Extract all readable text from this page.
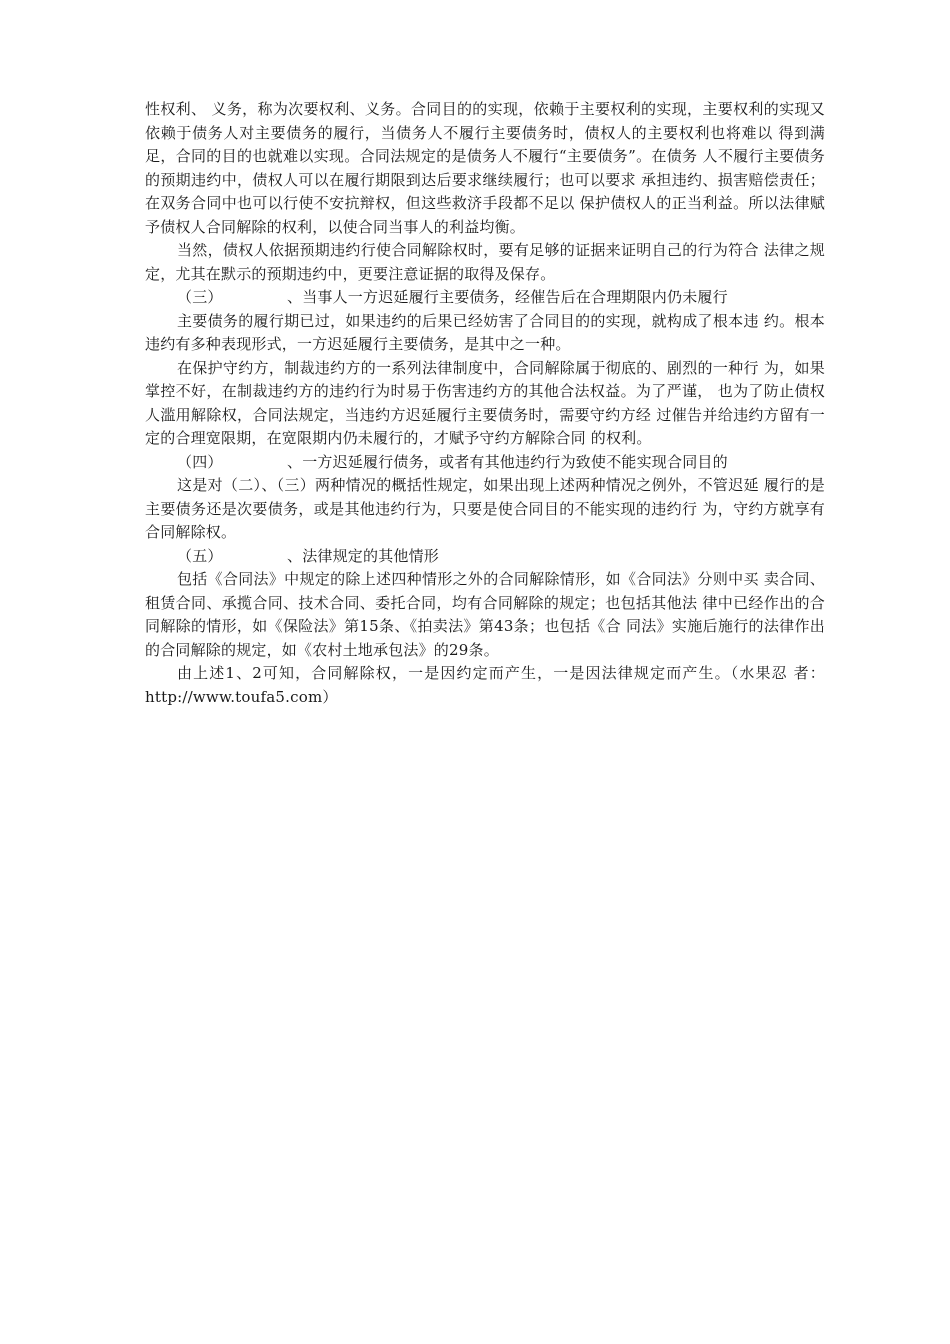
性权利、 义务，称为次要权利、义务。合同目的的实现，依赖于主要权利的实现，主要权利的实现又 依赖于债务人对主要债务的履行，当债务人不履行主要债务时，债权人的主要权利也将难以 得到满足，合同的目的也就难以实现。合同法规定的是债务人不履行“主要债务”。在债务 人不履行主要债务的预期违约中，债权人可以在履行期限到达后要求继续履行；也可以要求 承担违约、损害赔偿责任；在双务合同中也可以行使不安抗辩权，但这些救济手段都不足以 保护债权人的正当利益。所以法律赋予债权人合同解除的权利，以使合同当事人的利益均衡。

当然，债权人依据预期违约行使合同解除权时，要有足够的证据来证明自己的行为符合 法律之规定，尤其在默示的预期违约中，更要注意证据的取得及保存。

（三）	、当事人一方迟延履行主要债务，经催告后在合理期限内仍未履行

主要债务的履行期已过，如果违约的后果已经妨害了合同目的的实现，就构成了根本违 约。根本违约有多种表现形式，一方迟延履行主要债务，是其中之一种。

在保护守约方，制裁违约方的一系列法律制度中，合同解除属于彻底的、剧烈的一种行 为，如果掌控不好，在制裁违约方的违约行为时易于伤害违约方的其他合法权益。为了严谨， 也为了防止债权人滥用解除权，合同法规定，当违约方迟延履行主要债务时，需要守约方经 过催告并给违约方留有一定的合理宽限期，在宽限期内仍未履行的，才赋予守约方解除合同 的权利。

（四）	、一方迟延履行债务，或者有其他违约行为致使不能实现合同目的

这是对（二）、（三）两种情况的概括性规定，如果出现上述两种情况之例外，不管迟延 履行的是主要债务还是次要债务，或是其他违约行为，只要是使合同目的不能实现的违约行 为，守约方就享有合同解除权。

（五）	、法律规定的其他情形

包括《合同法》中规定的除上述四种情形之外的合同解除情形，如《合同法》分则中买 卖合同、租赁合同、承揽合同、技术合同、委托合同，均有合同解除的规定；也包括其他法 律中已经作出的合同解除的情形，如《保险法》第15条、《拍卖法》第43条；也包括《合 同法》实施后施行的法律作出的合同解除的规定，如《农村土地承包法》的29条。

由上述1、2可知，合同解除权，一是因约定而产生，一是因法律规定而产生。（水果忍 者：http://www.toufa5.com）
